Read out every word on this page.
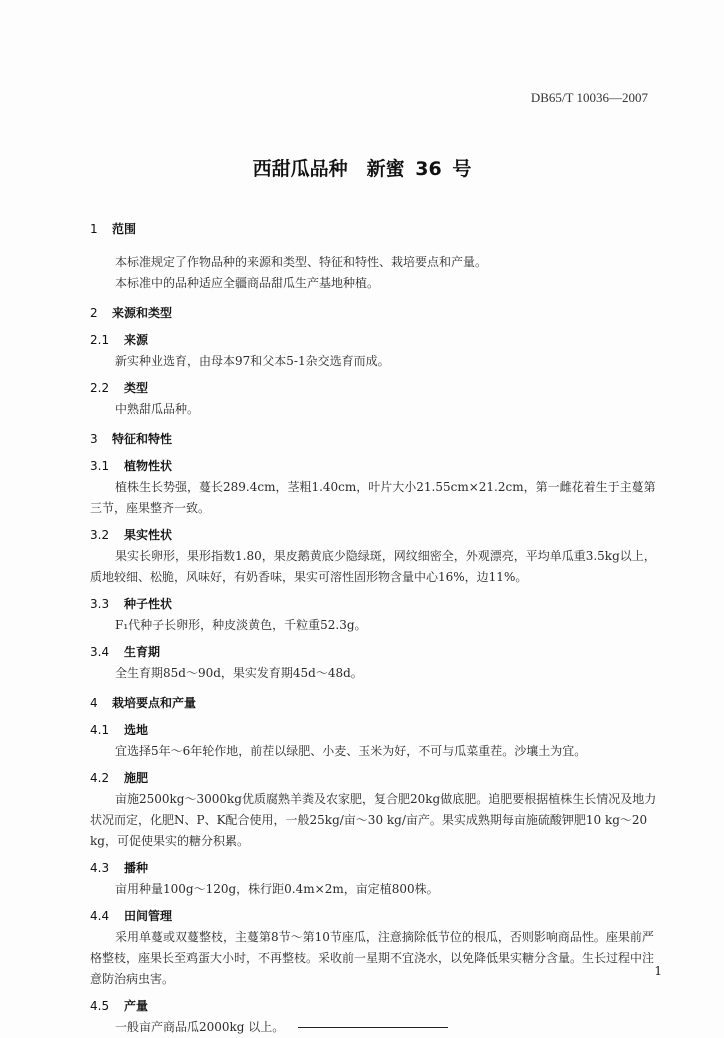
DB65/T 10036—2007
西甜瓜品种　新蜜 36 号
1 范围

本标准规定了作物品种的来源和类型、特征和特性、栽培要点和产量。

本标准中的品种适应全疆商品甜瓜生产基地种植。

2 来源和类型
2.1 来源

新实种业选育，由母本97和父本5-1杂交选育而成。

2.2 类型

中熟甜瓜品种。

3 特征和特性
3.1 植物性状

植株生长势强，蔓长289.4cm，茎粗1.40cm，叶片大小21.55cm×21.2cm，第一雌花着生于主蔓第三节，座果整齐一致。

3.2 果实性状

果实长卵形，果形指数1.80，果皮鹅黄底少隐绿斑，网纹细密全，外观漂亮，平均单瓜重3.5kg以上，质地较细、松脆，风味好，有奶香味，果实可溶性固形物含量中心16%，边11%。

3.3 种子性状

F₁代种子长卵形，种皮淡黄色，千粒重52.3g。

3.4 生育期

全生育期85d～90d，果实发育期45d～48d。

4 栽培要点和产量
4.1 选地

宜选择5年～6年轮作地，前茬以绿肥、小麦、玉米为好，不可与瓜菜重茬。沙壤土为宜。

4.2 施肥

亩施2500kg～3000kg优质腐熟羊粪及农家肥，复合肥20kg做底肥。追肥要根据植株生长情况及地力状况而定，化肥N、P、K配合使用，一般25kg/亩～30 kg/亩产。果实成熟期每亩施硫酸钾肥10 kg～20 kg，可促使果实的糖分积累。

4.3 播种

亩用种量100g～120g，株行距0.4m×2m，亩定植800株。

4.4 田间管理

采用单蔓或双蔓整枝，主蔓第8节～第10节座瓜，注意摘除低节位的根瓜，否则影响商品性。座果前严格整枝，座果长至鸡蛋大小时，不再整枝。采收前一星期不宜浇水，以免降低果实糖分含量。生长过程中注意防治病虫害。

4.5 产量

一般亩产商品瓜2000kg 以上。

1
